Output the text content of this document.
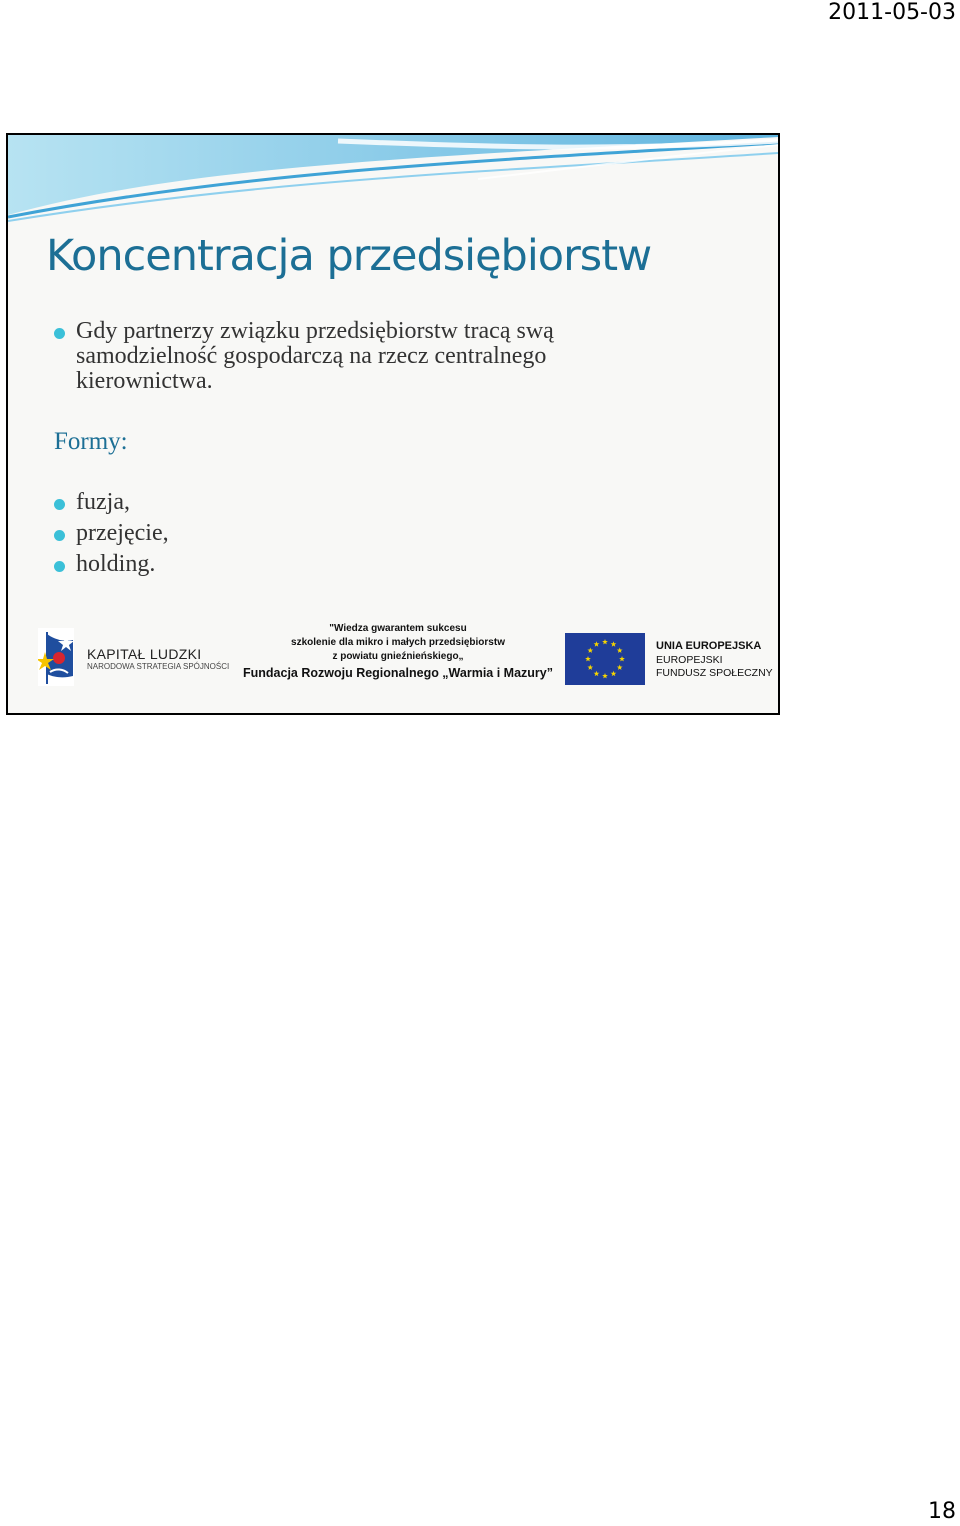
2011-05-03
Koncentracja przedsiębiorstw
Gdy partnerzy związku przedsiębiorstw tracą swą samodzielność gospodarczą na rzecz centralnego kierownictwa.
Formy:
fuzja,
przejęcie,
holding.
KAPITAŁ LUDZKI
NARODOWA STRATEGIA SPÓJNOŚCI
"Wiedza gwarantem sukcesu
szkolenie dla mikro i małych przedsiębiorstw
z powiatu gnieźnieńskiego„
Fundacja Rozwoju Regionalnego „Warmia i Mazury”
UNIA EUROPEJSKA
EUROPEJSKI
FUNDUSZ SPOŁECZNY
18
